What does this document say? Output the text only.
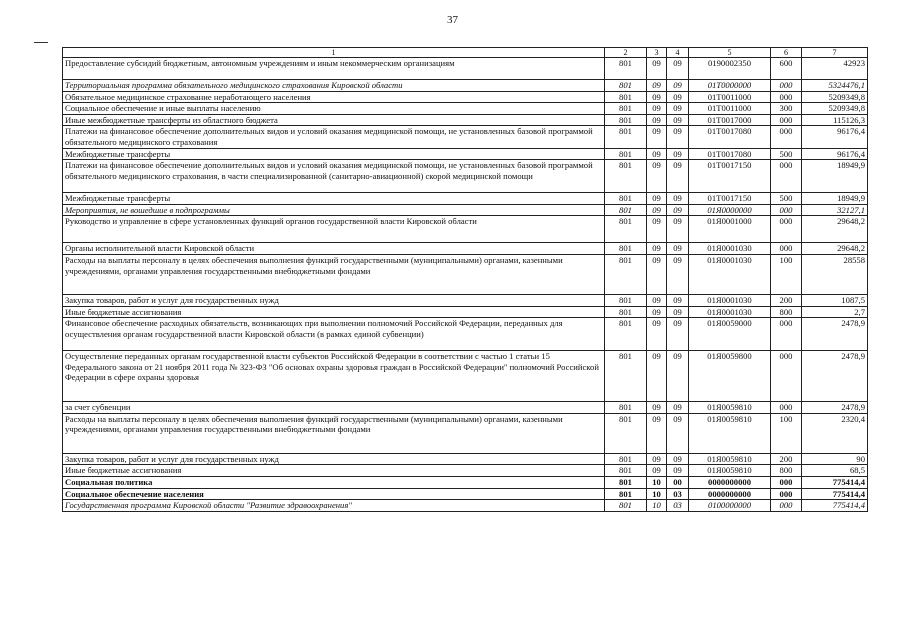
37
1	2	3	4	5	6	7
Предоставление субсидий бюджетным, автономным учреждениям и иным некоммерческим организациям	801	09	09	0190002350	600	42923
Территориальная программа обязательного медицинского страхования Кировской области	801	09	09	01T0000000	000	5324476,1
Обязательное медицинское страхование неработающего населения	801	09	09	01T0011000	000	5209349,8
Социальное обеспечение и иные выплаты населению	801	09	09	01T0011000	300	5209349,8
Иные межбюджетные трансферты из областного бюджета	801	09	09	01T0017000	000	115126,3
Платежи на финансовое обеспечение дополнительных видов и условий оказания медицинской помощи, не установленных базовой программой обязательного медицинского страхования	801	09	09	01T0017080	000	96176,4
Межбюджетные трансферты	801	09	09	01T0017080	500	96176,4
Платежи на финансовое обеспечение дополнительных видов и условий оказания медицинской помощи, не установленных базовой программой обязательного медицинского страхования, в части специализированной (санитарно-авиационной) скорой медицинской помощи	801	09	09	01T0017150	000	18949,9
Межбюджетные трансферты	801	09	09	01T0017150	500	18949,9
Мероприятия, не вошедшие в подпрограммы	801	09	09	01Я0000000	000	32127,1
Руководство и управление в сфере установленных функций органов государственной власти Кировской области	801	09	09	01Я0001000	000	29648,2
Органы исполнительной власти Кировской области	801	09	09	01Я0001030	000	29648,2
Расходы на выплаты персоналу в целях обеспечения выполнения функций государственными (муниципальными) органами, казенными учреждениями, органами управления государственными внебюджетными фондами	801	09	09	01Я0001030	100	28558
Закупка товаров, работ и услуг для государственных нужд	801	09	09	01Я0001030	200	1087,5
Иные бюджетные ассигнования	801	09	09	01Я0001030	800	2,7
Финансовое обеспечение расходных обязательств, возникающих при выполнении полномочий Российской Федерации, переданных для осуществления органам государственной власти Кировской области (в рамках единой субвенции)	801	09	09	01Я0059000	000	2478,9
Осуществление переданных органам государственной власти субъектов Российской Федерации в соответствии с частью 1 статьи 15 Федерального закона от 21 ноября 2011 года № 323-ФЗ "Об основах охраны здоровья граждан в Российской Федерации" полномочий Российской Федерации в сфере охраны здоровья	801	09	09	01Я0059800	000	2478,9
за счет субвенции	801	09	09	01Я0059810	000	2478,9
Расходы на выплаты персоналу в целях обеспечения выполнения функций государственными (муниципальными) органами, казенными учреждениями, органами управления государственными внебюджетными фондами	801	09	09	01Я0059810	100	2320,4
Закупка товаров, работ и услуг для государственных нужд	801	09	09	01Я0059810	200	90
Иные бюджетные ассигнования	801	09	09	01Я0059810	800	68,5
Социальная политика	801	10	00	0000000000	000	775414,4
Социальное обеспечение населения	801	10	03	0000000000	000	775414,4
Государственная программа Кировской области "Развитие здравоохранения"	801	10	03	0100000000	000	775414,4
